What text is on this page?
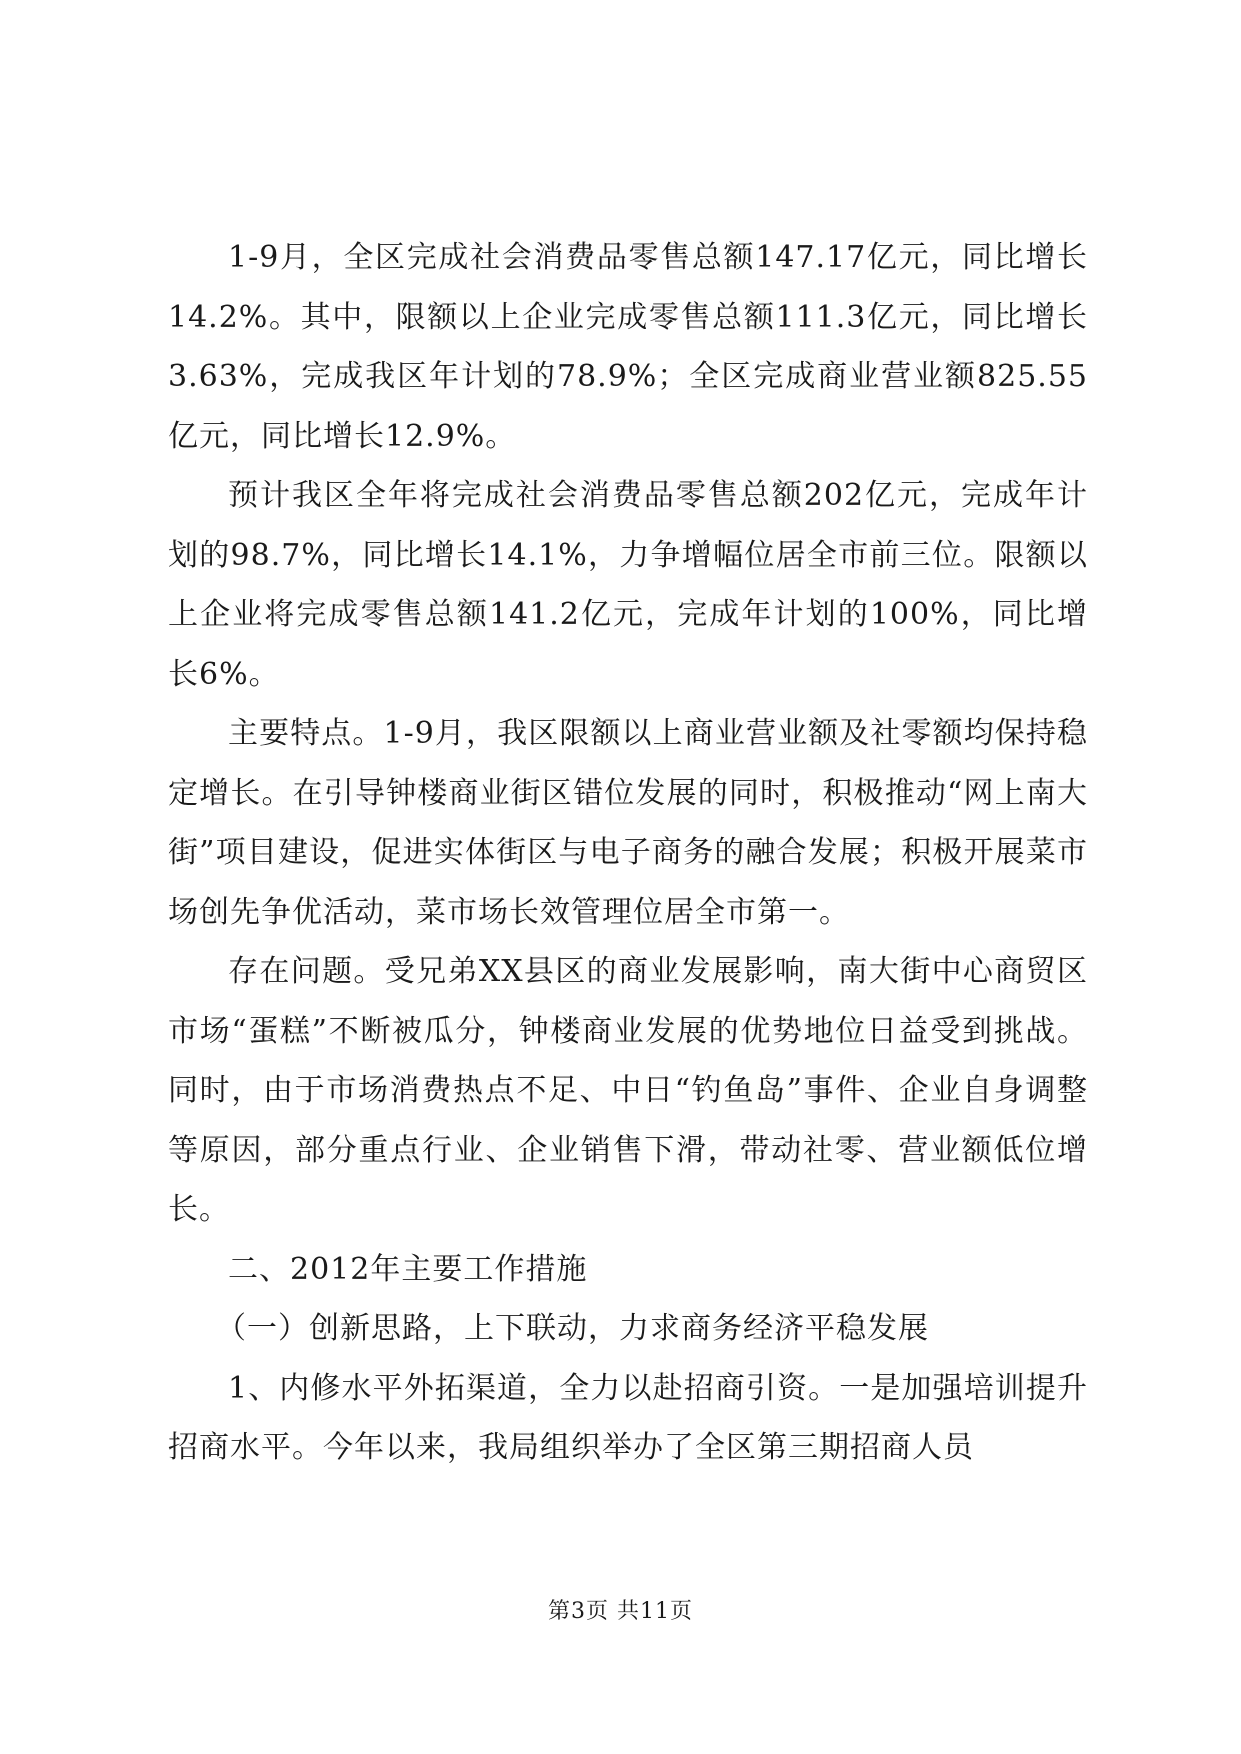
1-9月，全区完成社会消费品零售总额147.17亿元，同比增长14.2%。其中，限额以上企业完成零售总额111.3亿元，同比增长3.63%，完成我区年计划的78.9%；全区完成商业营业额825.55亿元，同比增长12.9%。

预计我区全年将完成社会消费品零售总额202亿元，完成年计划的98.7%，同比增长14.1%，力争增幅位居全市前三位。限额以上企业将完成零售总额141.2亿元，完成年计划的100%，同比增长6%。

主要特点。1-9月，我区限额以上商业营业额及社零额均保持稳定增长。在引导钟楼商业街区错位发展的同时，积极推动“网上南大街”项目建设，促进实体街区与电子商务的融合发展；积极开展菜市场创先争优活动，菜市场长效管理位居全市第一。

存在问题。受兄弟XX县区的商业发展影响，南大街中心商贸区市场“蛋糕”不断被瓜分，钟楼商业发展的优势地位日益受到挑战。同时，由于市场消费热点不足、中日“钓鱼岛”事件、企业自身调整等原因，部分重点行业、企业销售下滑，带动社零、营业额低位增长。

二、2012年主要工作措施

（一）创新思路，上下联动，力求商务经济平稳发展

1、内修水平外拓渠道，全力以赴招商引资。一是加强培训提升招商水平。今年以来，我局组织举办了全区第三期招商人员

第3页 共11页
